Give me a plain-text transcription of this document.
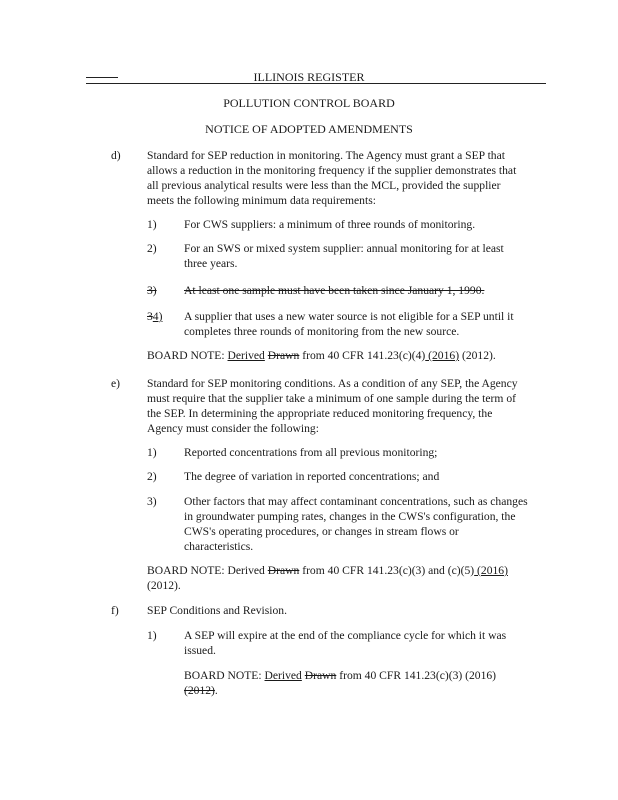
ILLINOIS REGISTER
POLLUTION CONTROL BOARD
NOTICE OF ADOPTED AMENDMENTS
d) Standard for SEP reduction in monitoring. The Agency must grant a SEP that
allows a reduction in the monitoring frequency if the supplier demonstrates that
all previous analytical results were less than the MCL, provided the supplier
meets the following minimum data requirements:
1) For CWS suppliers: a minimum of three rounds of monitoring.
2) For an SWS or mixed system supplier: annual monitoring for at least
three years.
3) At least one sample must have been taken since January 1, 1990.
34) A supplier that uses a new water source is not eligible for a SEP until it
completes three rounds of monitoring from the new source.
BOARD NOTE: Derived Drawn from 40 CFR 141.23(c)(4) (2016) (2012).
e) Standard for SEP monitoring conditions. As a condition of any SEP, the Agency
must require that the supplier take a minimum of one sample during the term of
the SEP. In determining the appropriate reduced monitoring frequency, the
Agency must consider the following:
1) Reported concentrations from all previous monitoring;
2) The degree of variation in reported concentrations; and
3) Other factors that may affect contaminant concentrations, such as changes
in groundwater pumping rates, changes in the CWS's configuration, the
CWS's operating procedures, or changes in stream flows or
characteristics.
BOARD NOTE: Derived Drawn from 40 CFR 141.23(c)(3) and (c)(5) (2016)
(2012).
f) SEP Conditions and Revision.
1) A SEP will expire at the end of the compliance cycle for which it was
issued.
BOARD NOTE: Derived Drawn from 40 CFR 141.23(c)(3) (2016)
(2012).
